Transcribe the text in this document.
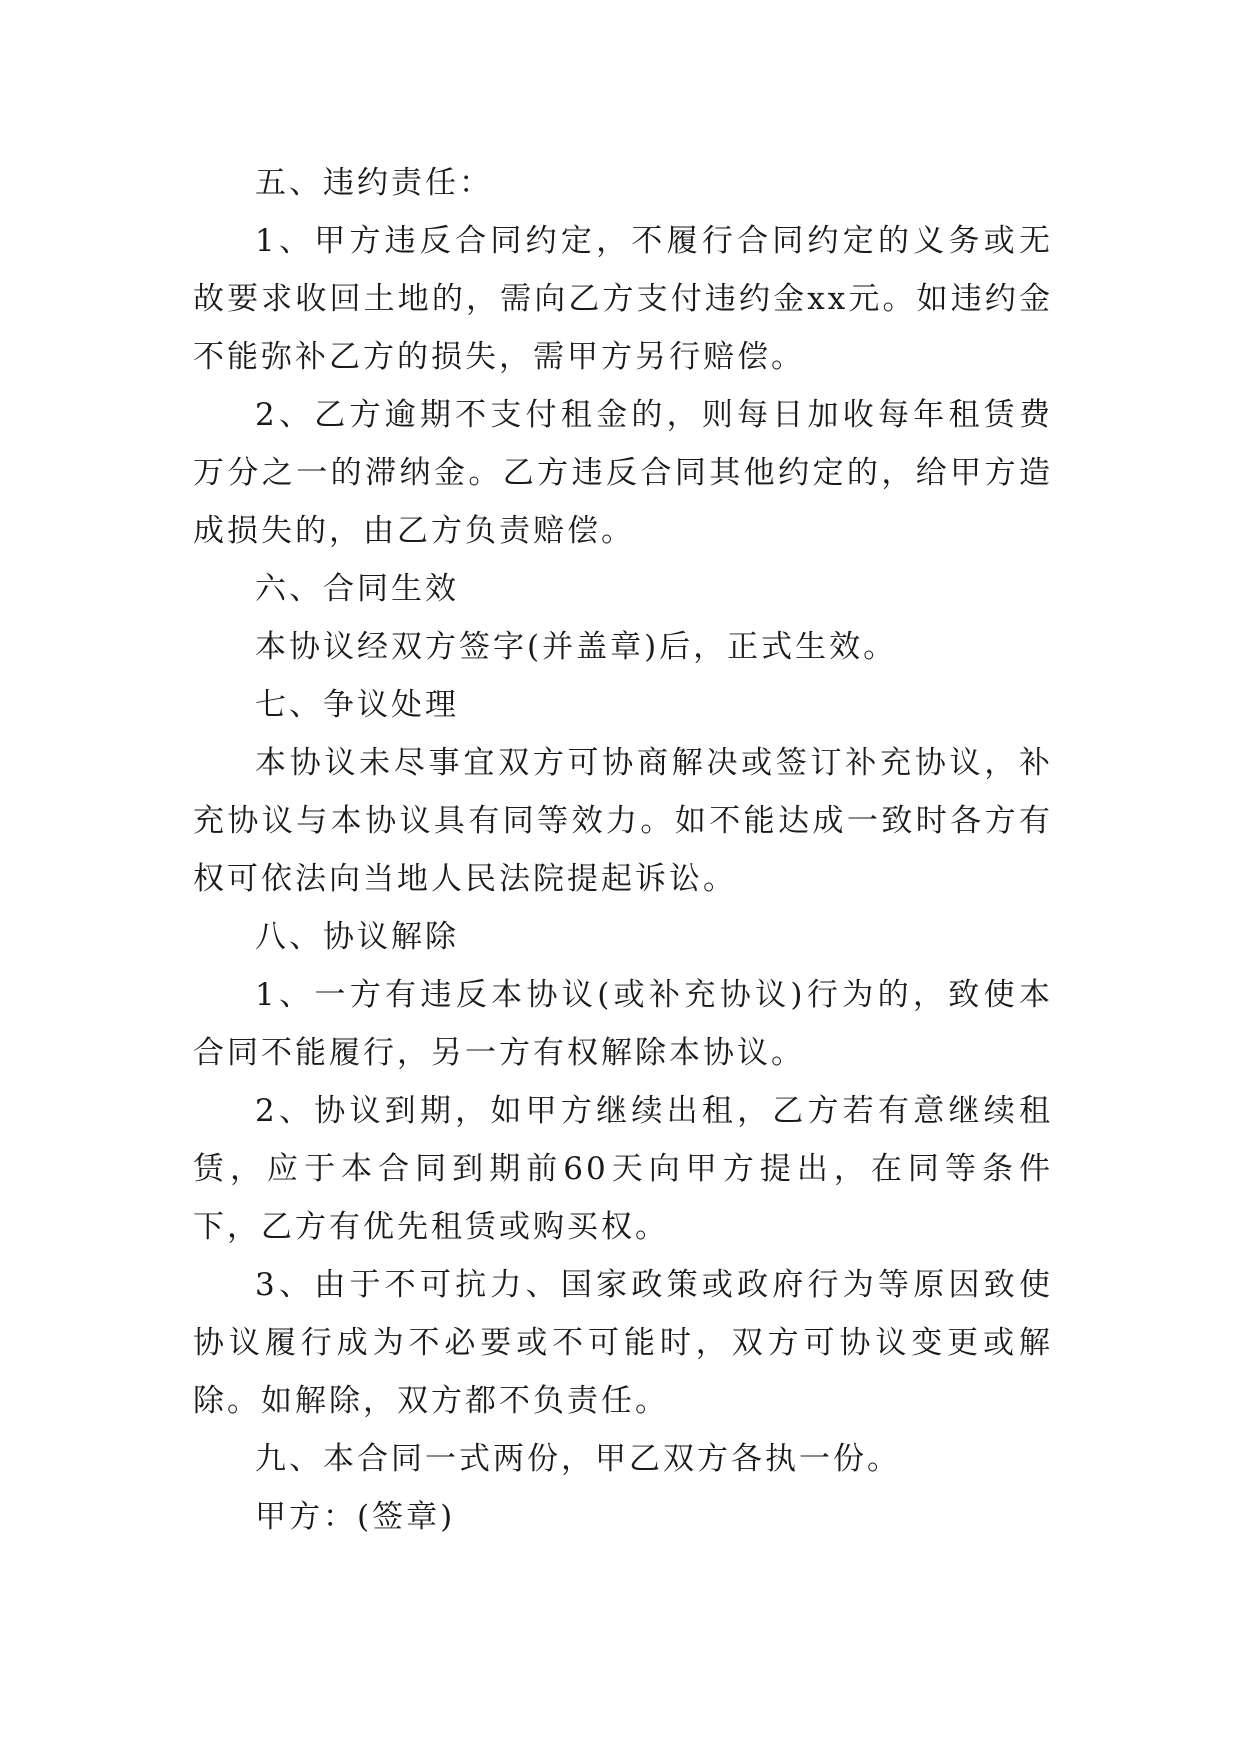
五、违约责任：

1、甲方违反合同约定，不履行合同约定的义务或无故要求收回土地的，需向乙方支付违约金xx元。如违约金不能弥补乙方的损失，需甲方另行赔偿。

2、乙方逾期不支付租金的，则每日加收每年租赁费万分之一的滞纳金。乙方违反合同其他约定的，给甲方造成损失的，由乙方负责赔偿。

六、合同生效

本协议经双方签字(并盖章)后，正式生效。

七、争议处理

本协议未尽事宜双方可协商解决或签订补充协议，补充协议与本协议具有同等效力。如不能达成一致时各方有权可依法向当地人民法院提起诉讼。

八、协议解除

1、一方有违反本协议(或补充协议)行为的，致使本合同不能履行，另一方有权解除本协议。

2、协议到期，如甲方继续出租，乙方若有意继续租赁，应于本合同到期前60天向甲方提出，在同等条件下，乙方有优先租赁或购买权。

3、由于不可抗力、国家政策或政府行为等原因致使协议履行成为不必要或不可能时，双方可协议变更或解除。如解除，双方都不负责任。

九、本合同一式两份，甲乙双方各执一份。

甲方：(签章)
